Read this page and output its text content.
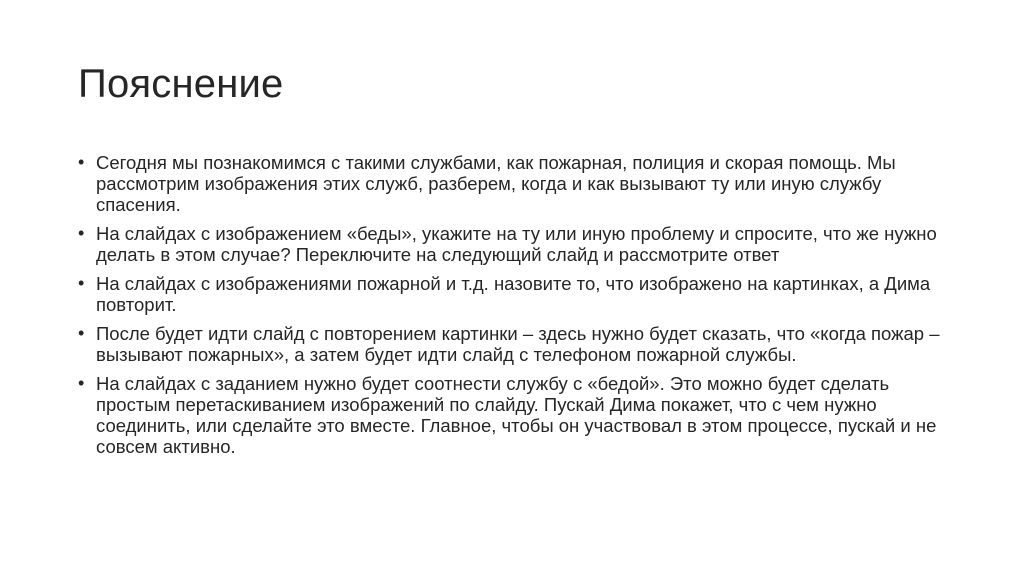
Пояснение
• Сегодня мы познакомимся с такими службами, как пожарная, полиция и скорая помощь. Мы рассмотрим изображения этих служб, разберем, когда и как вызывают ту или иную службу спасения.
• На слайдах с изображением «беды», укажите на ту или иную проблему и спросите, что же нужно делать в этом случае? Переключите на следующий слайд и рассмотрите ответ
• На слайдах с изображениями пожарной и т.д. назовите то, что изображено на картинках, а Дима повторит.
• После будет идти слайд с повторением картинки – здесь нужно будет сказать, что «когда пожар – вызывают пожарных», а затем будет идти слайд с телефоном пожарной службы.
• На слайдах с заданием нужно будет соотнести службу с «бедой». Это можно будет сделать простым перетаскиванием изображений по слайду. Пускай Дима покажет, что с чем нужно соединить, или сделайте это вместе. Главное, чтобы он участвовал в этом процессе, пускай и не совсем активно.
